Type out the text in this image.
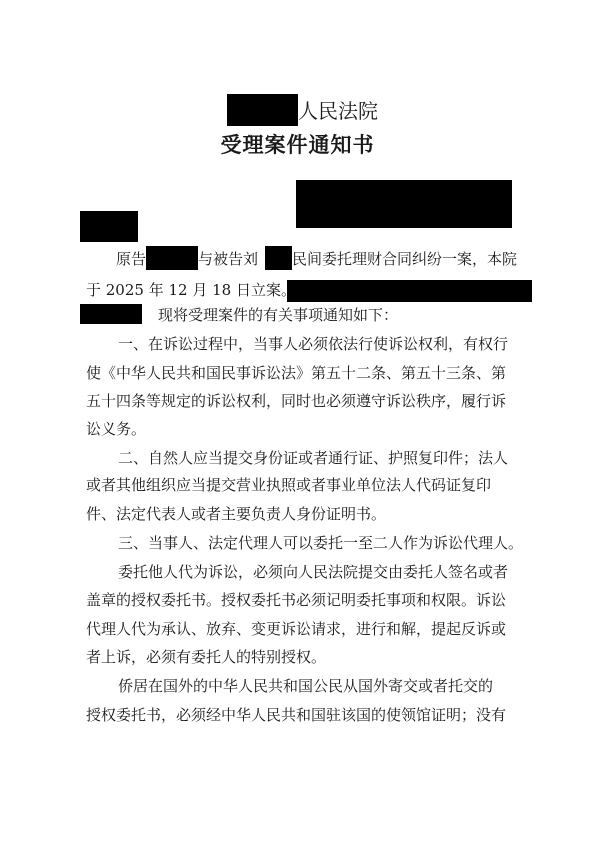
人民法院
受理案件通知书
原告	与被告刘 民间委托理财合同纠纷一案，本院
于 2025 年 12 月 18 日立案。
现将受理案件的有关事项通知如下：
一、在诉讼过程中，当事人必须依法行使诉讼权利，有权行
使《中华人民共和国民事诉讼法》第五十二条、第五十三条、第
五十四条等规定的诉讼权利，同时也必须遵守诉讼秩序，履行诉
讼义务。
二、自然人应当提交身份证或者通行证、护照复印件；法人
或者其他组织应当提交营业执照或者事业单位法人代码证复印
件、法定代表人或者主要负责人身份证明书。
三、当事人、法定代理人可以委托一至二人作为诉讼代理人。
委托他人代为诉讼，必须向人民法院提交由委托人签名或者
盖章的授权委托书。授权委托书必须记明委托事项和权限。诉讼
代理人代为承认、放弃、变更诉讼请求，进行和解，提起反诉或
者上诉，必须有委托人的特别授权。
侨居在国外的中华人民共和国公民从国外寄交或者托交的
授权委托书，必须经中华人民共和国驻该国的使领馆证明；没有
